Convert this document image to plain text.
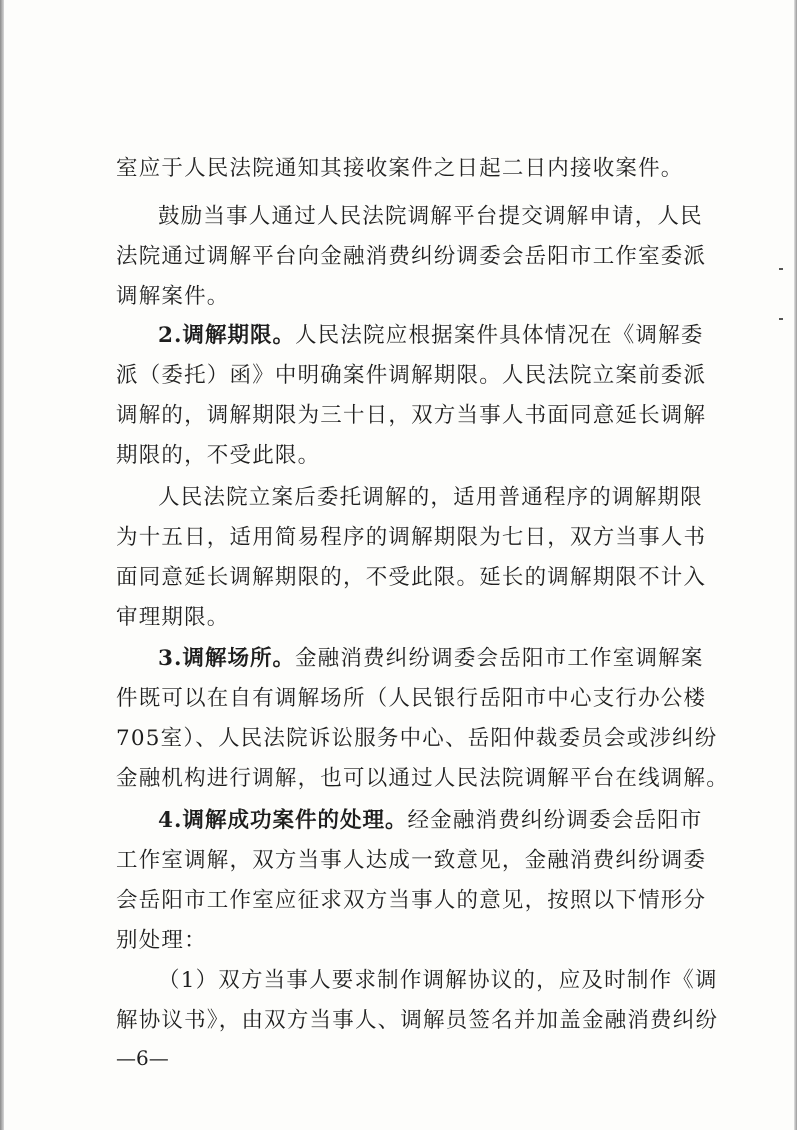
室应于人民法院通知其接收案件之日起二日内接收案件。
鼓励当事人通过人民法院调解平台提交调解申请，人民
法院通过调解平台向金融消费纠纷调委会岳阳市工作室委派
调解案件。
2.调解期限。人民法院应根据案件具体情况在《调解委
派（委托）函》中明确案件调解期限。人民法院立案前委派
调解的，调解期限为三十日，双方当事人书面同意延长调解
期限的，不受此限。
人民法院立案后委托调解的，适用普通程序的调解期限
为十五日，适用简易程序的调解期限为七日，双方当事人书
面同意延长调解期限的，不受此限。延长的调解期限不计入
审理期限。
3.调解场所。金融消费纠纷调委会岳阳市工作室调解案
件既可以在自有调解场所（人民银行岳阳市中心支行办公楼
705室）、人民法院诉讼服务中心、岳阳仲裁委员会或涉纠纷
金融机构进行调解，也可以通过人民法院调解平台在线调解。
4.调解成功案件的处理。经金融消费纠纷调委会岳阳市
工作室调解，双方当事人达成一致意见，金融消费纠纷调委
会岳阳市工作室应征求双方当事人的意见，按照以下情形分
别处理：
（1）双方当事人要求制作调解协议的，应及时制作《调
解协议书》，由双方当事人、调解员签名并加盖金融消费纠纷
—6—
